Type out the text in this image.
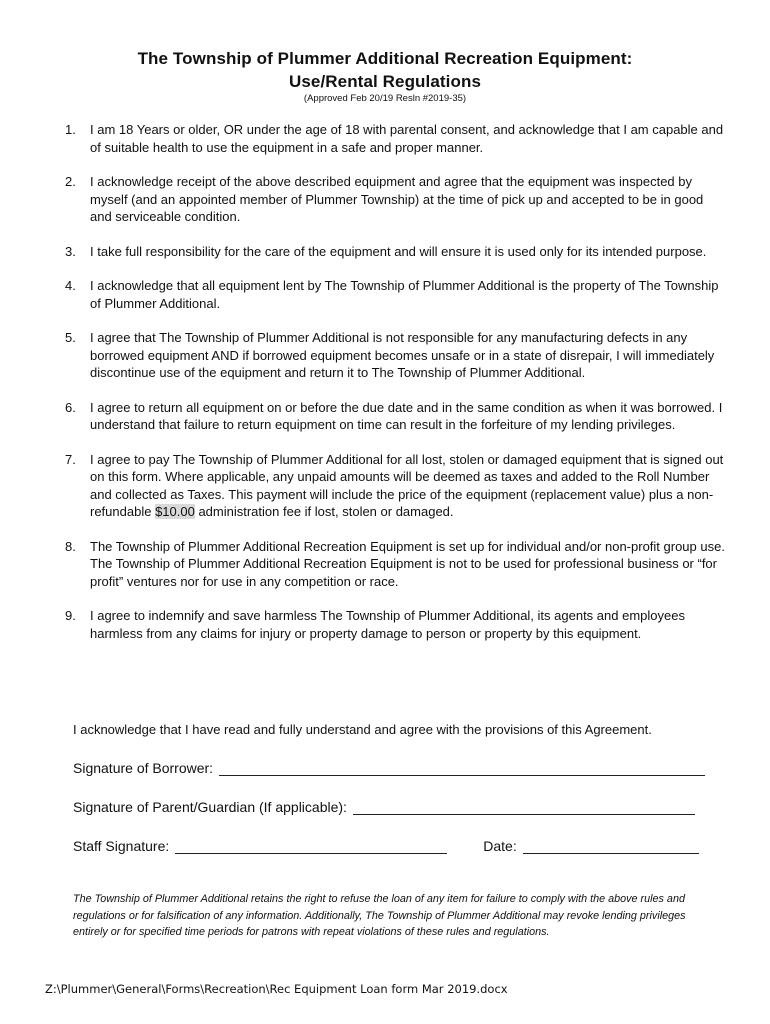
The Township of Plummer Additional Recreation Equipment:
Use/Rental Regulations
(Approved Feb 20/19 Resln #2019-35)
1. I am 18 Years or older, OR under the age of 18 with parental consent, and acknowledge that I am capable and of suitable health to use the equipment in a safe and proper manner.
2. I acknowledge receipt of the above described equipment and agree that the equipment was inspected by myself (and an appointed member of Plummer Township) at the time of pick up and accepted to be in good and serviceable condition.
3. I take full responsibility for the care of the equipment and will ensure it is used only for its intended purpose.
4. I acknowledge that all equipment lent by The Township of Plummer Additional is the property of The Township of Plummer Additional.
5. I agree that The Township of Plummer Additional is not responsible for any manufacturing defects in any borrowed equipment AND if borrowed equipment becomes unsafe or in a state of disrepair, I will immediately discontinue use of the equipment and return it to The Township of Plummer Additional.
6. I agree to return all equipment on or before the due date and in the same condition as when it was borrowed. I understand that failure to return equipment on time can result in the forfeiture of my lending privileges.
7. I agree to pay The Township of Plummer Additional for all lost, stolen or damaged equipment that is signed out on this form. Where applicable, any unpaid amounts will be deemed as taxes and added to the Roll Number and collected as Taxes. This payment will include the price of the equipment (replacement value) plus a non-refundable $10.00 administration fee if lost, stolen or damaged.
8. The Township of Plummer Additional Recreation Equipment is set up for individual and/or non-profit group use. The Township of Plummer Additional Recreation Equipment is not to be used for professional business or “for profit” ventures nor for use in any competition or race.
9. I agree to indemnify and save harmless The Township of Plummer Additional, its agents and employees harmless from any claims for injury or property damage to person or property by this equipment.
I acknowledge that I have read and fully understand and agree with the provisions of this Agreement.
Signature of Borrower:
Signature of Parent/Guardian (If applicable):
Staff Signature:	Date:
The Township of Plummer Additional retains the right to refuse the loan of any item for failure to comply with the above rules and regulations or for falsification of any information. Additionally, The Township of Plummer Additional may revoke lending privileges entirely or for specified time periods for patrons with repeat violations of these rules and regulations.
Z:\Plummer\General\Forms\Recreation\Rec Equipment Loan form Mar 2019.docx
